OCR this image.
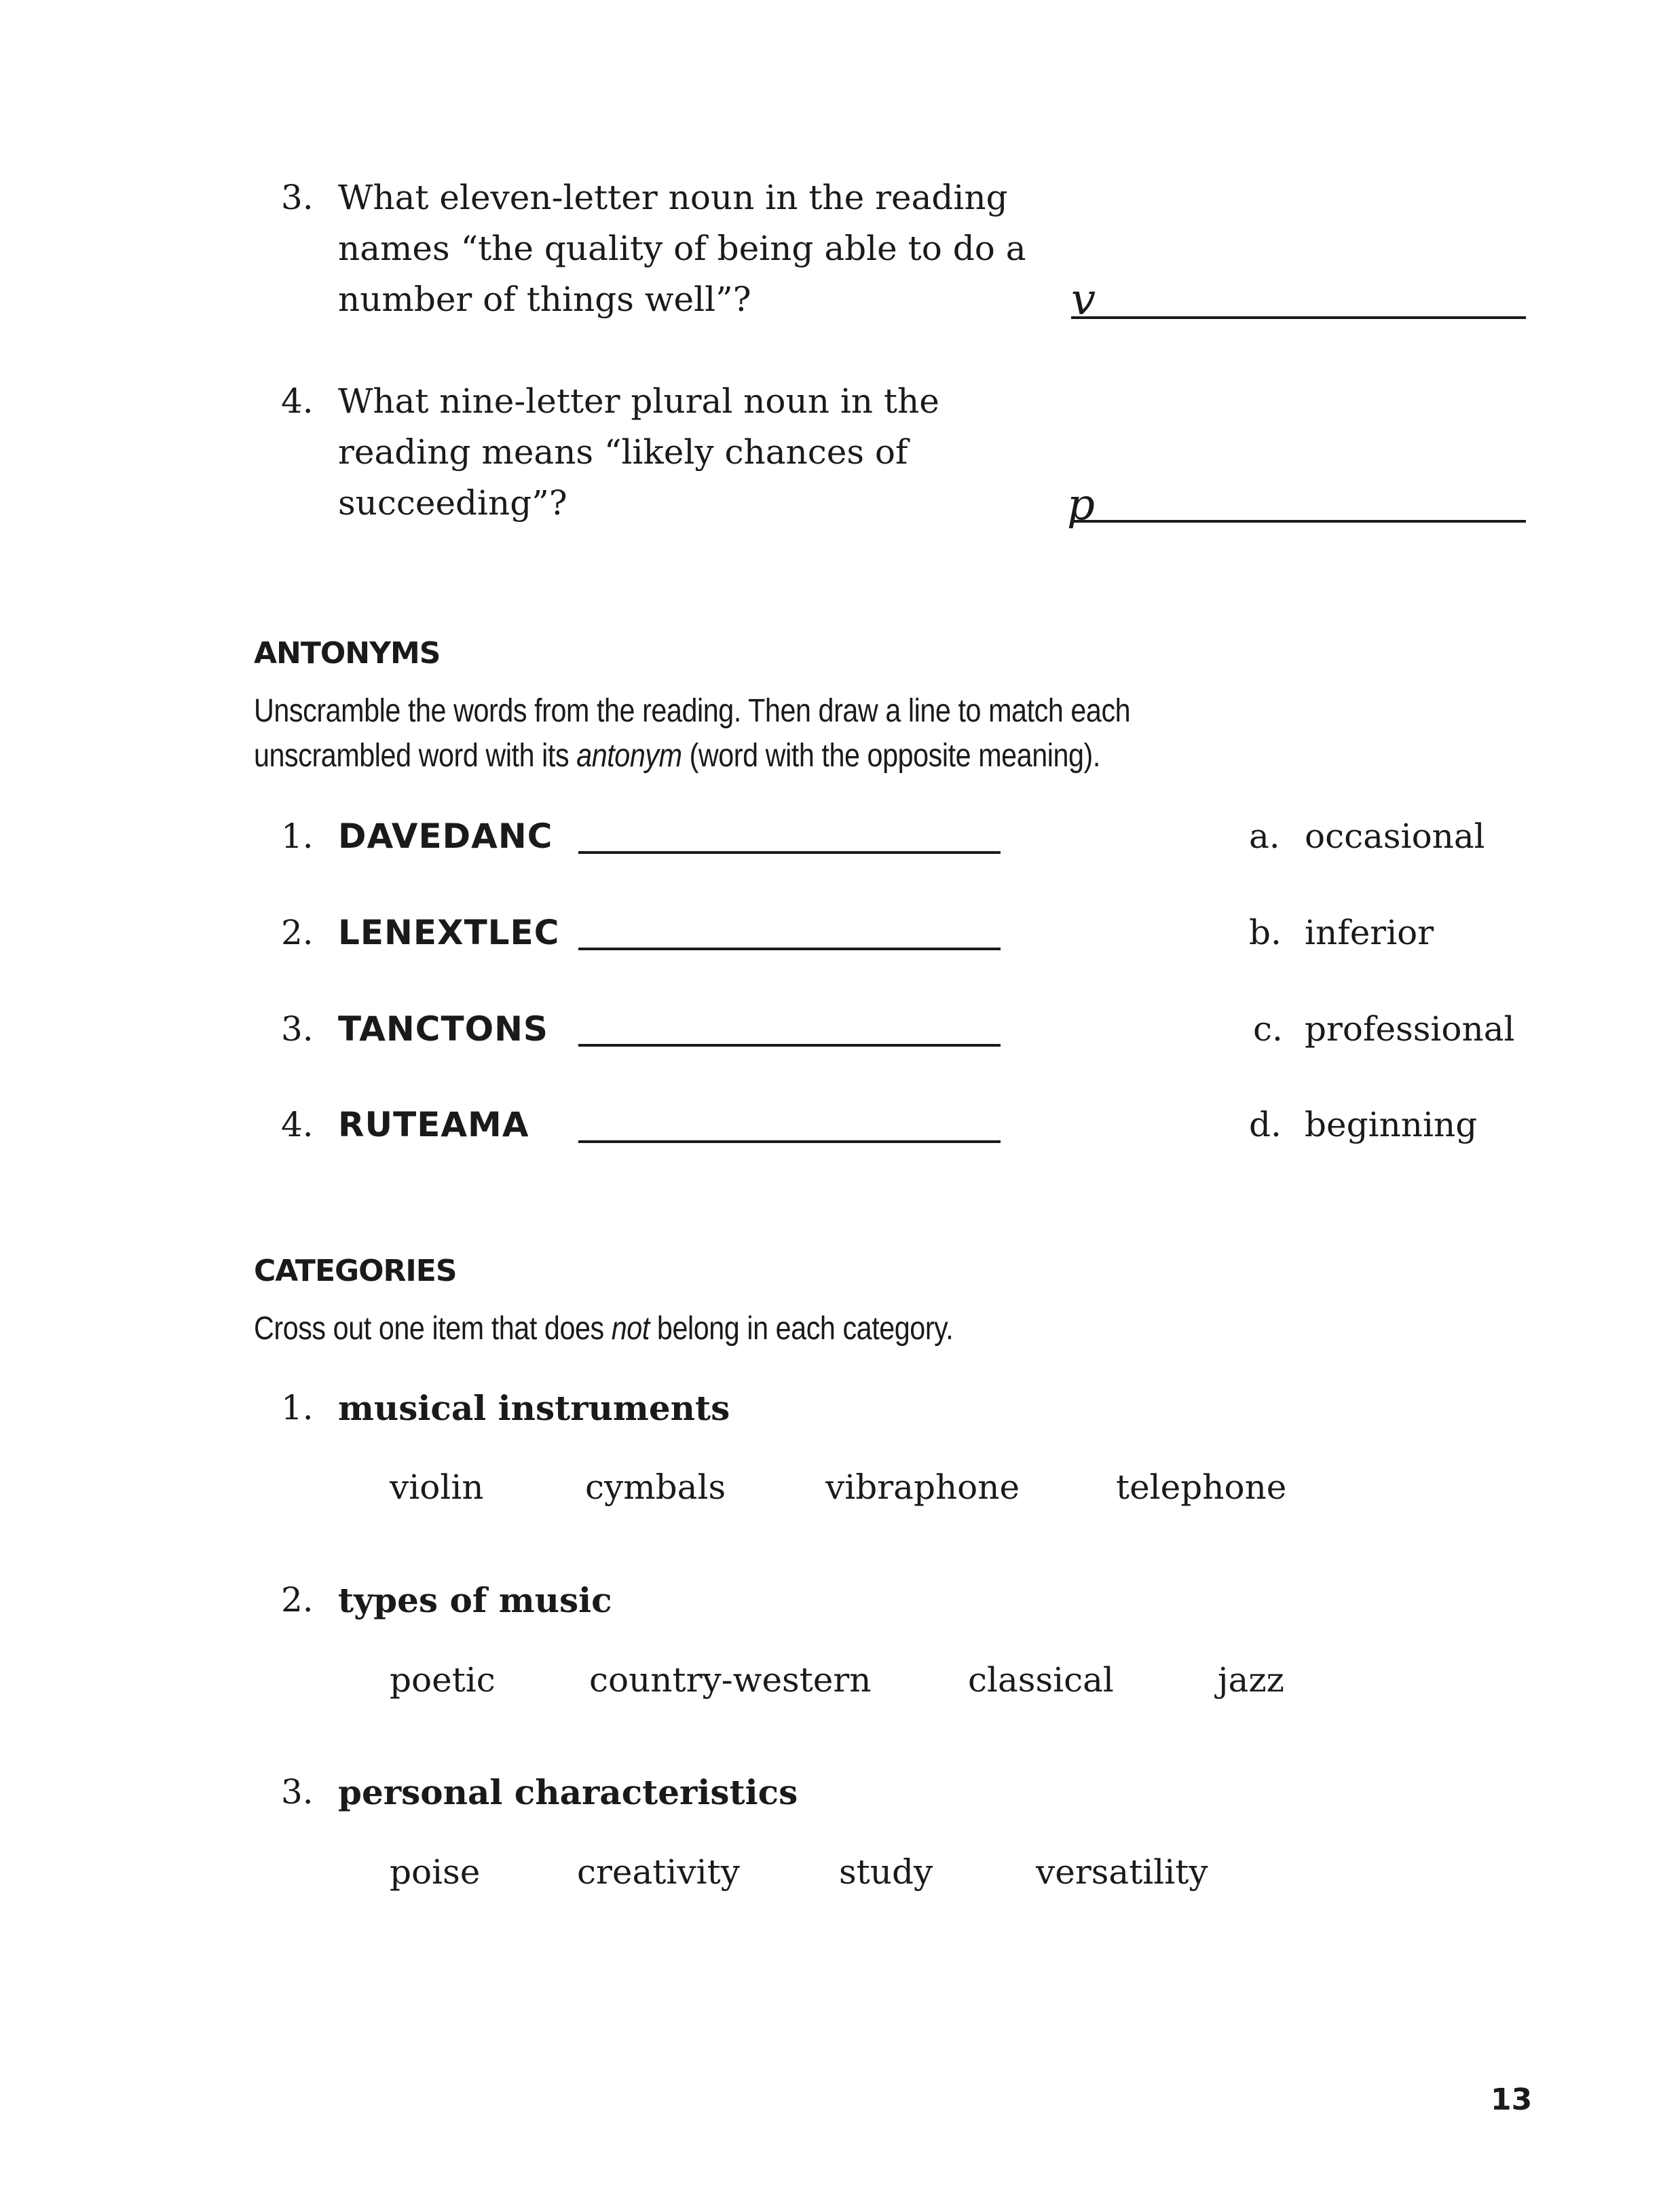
3. What eleven-letter noun in the reading
names “the quality of being able to do a
number of things well”?	v
4. What nine-letter plural noun in the
reading means “likely chances of
succeeding”?	p
ANTONYMS
Unscramble the words from the reading. Then draw a line to match each
unscrambled word with its antonym (word with the opposite meaning).
1. DAVEDANC	a. occasional
2. LENEXTLEC	b. inferior
3. TANCTONS	c. professional
4. RUTEAMA	d. beginning
CATEGORIES
Cross out one item that does not belong in each category.
1. musical instruments
violin	cymbals	vibraphone	telephone
2. types of music
poetic	country-western	classical	jazz
3. personal characteristics
poise	creativity	study	versatility
13
